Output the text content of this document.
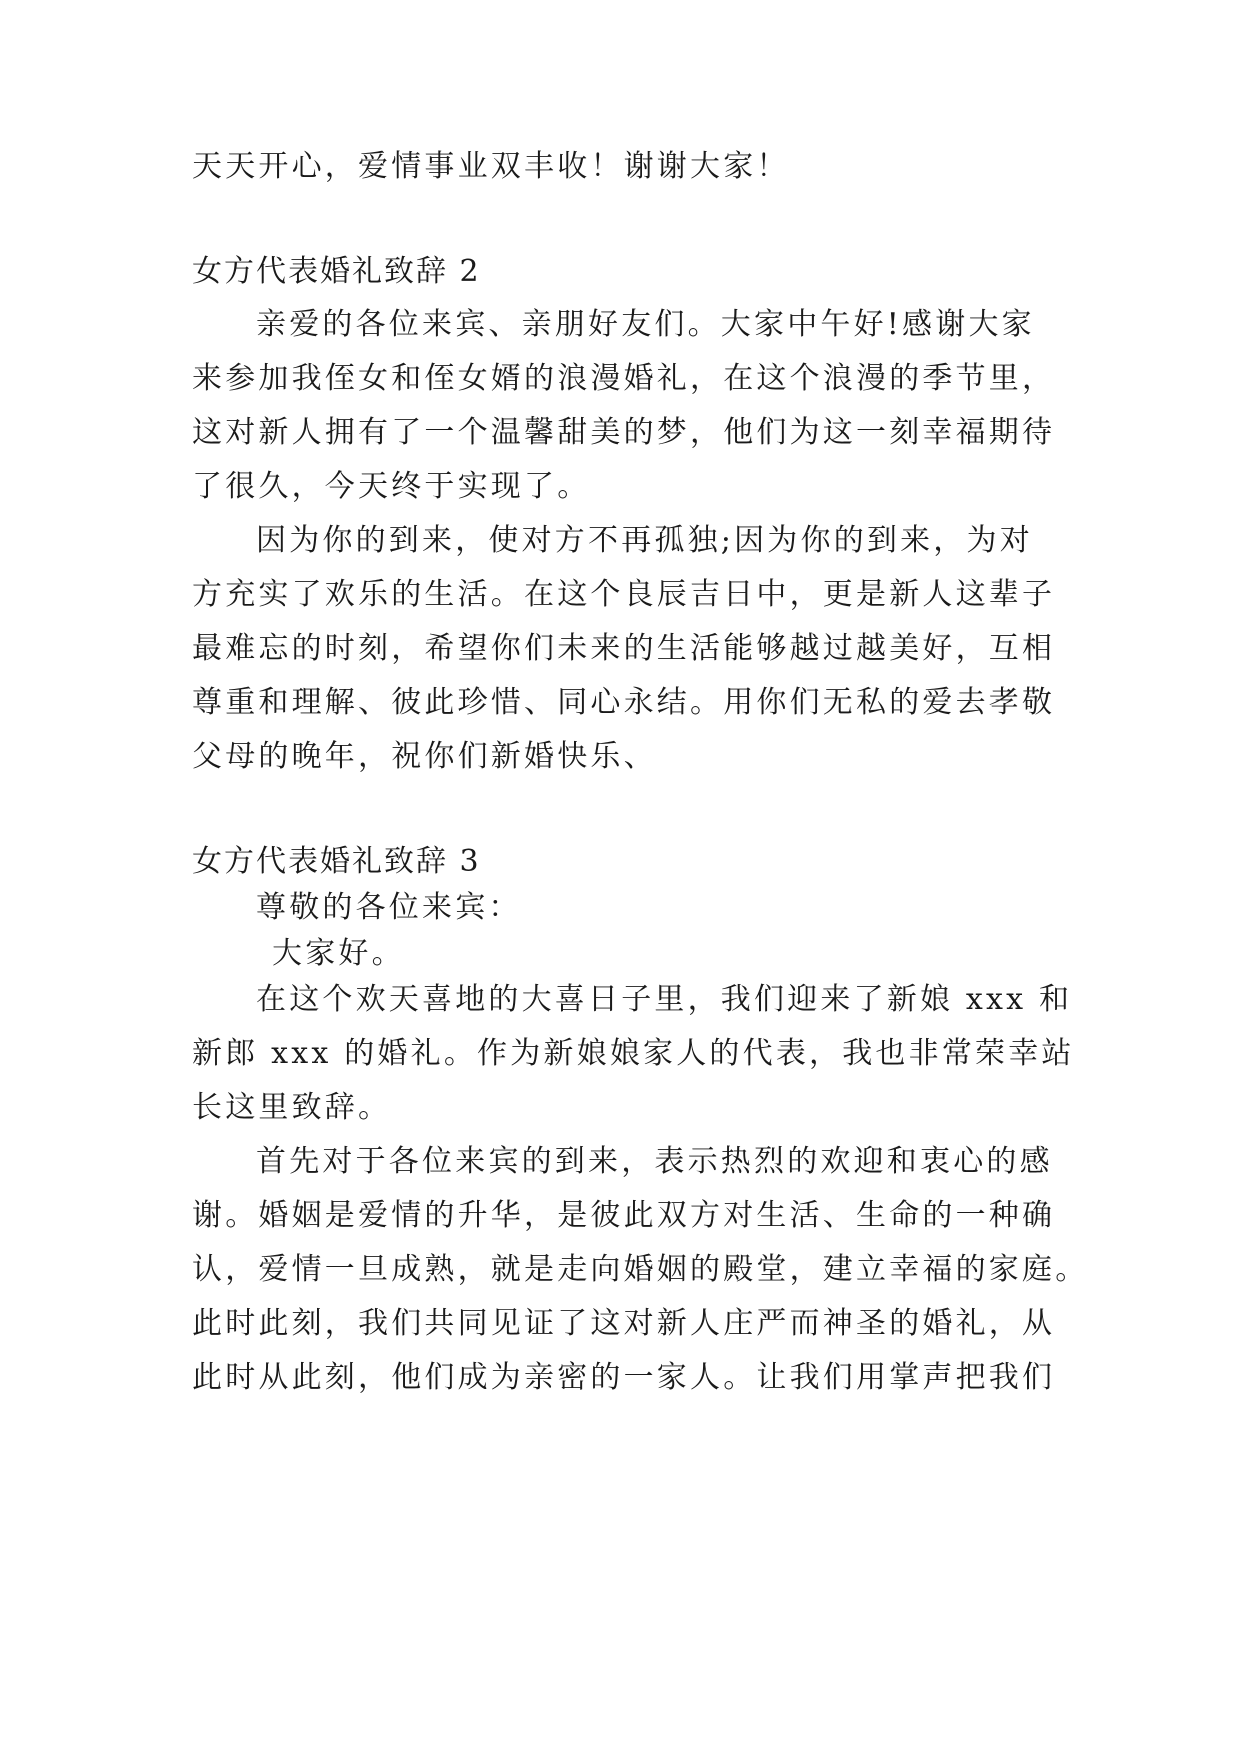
天天开心，爱情事业双丰收！谢谢大家！
女方代表婚礼致辞 2
亲爱的各位来宾、亲朋好友们。大家中午好!感谢大家
来参加我侄女和侄女婿的浪漫婚礼，在这个浪漫的季节里，
这对新人拥有了一个温馨甜美的梦，他们为这一刻幸福期待
了很久，今天终于实现了。
因为你的到来，使对方不再孤独;因为你的到来，为对
方充实了欢乐的生活。在这个良辰吉日中，更是新人这辈子
最难忘的时刻，希望你们未来的生活能够越过越美好，互相
尊重和理解、彼此珍惜、同心永结。用你们无私的爱去孝敬
父母的晚年，祝你们新婚快乐、
女方代表婚礼致辞 3
尊敬的各位来宾：
大家好。
在这个欢天喜地的大喜日子里，我们迎来了新娘 xxx 和
新郎 xxx 的婚礼。作为新娘娘家人的代表，我也非常荣幸站
长这里致辞。
首先对于各位来宾的到来，表示热烈的欢迎和衷心的感
谢。婚姻是爱情的升华，是彼此双方对生活、生命的一种确
认，爱情一旦成熟，就是走向婚姻的殿堂，建立幸福的家庭。
此时此刻，我们共同见证了这对新人庄严而神圣的婚礼，从
此时从此刻，他们成为亲密的一家人。让我们用掌声把我们
